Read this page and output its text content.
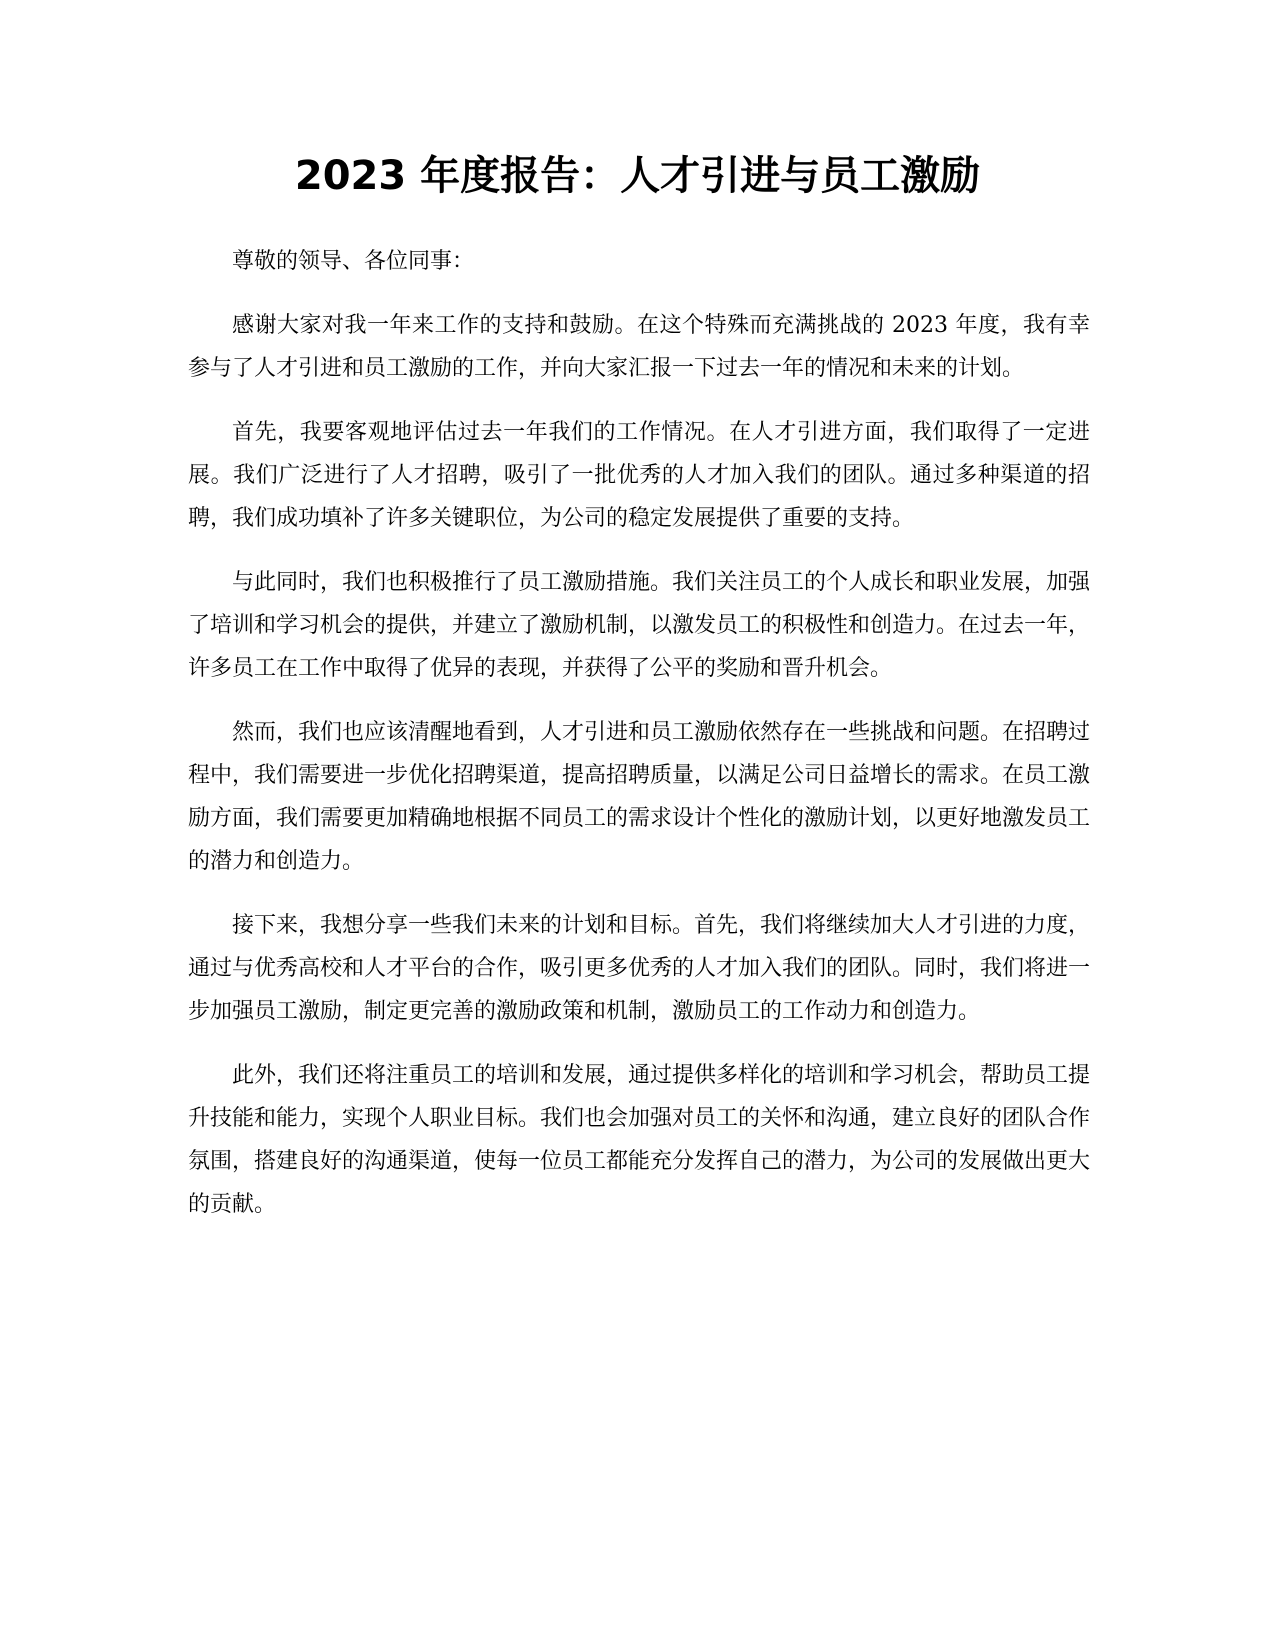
2023 年度报告：人才引进与员工激励

尊敬的领导、各位同事：

感谢大家对我一年来工作的支持和鼓励。在这个特殊而充满挑战的 2023 年度，我有幸参与了人才引进和员工激励的工作，并向大家汇报一下过去一年的情况和未来的计划。

首先，我要客观地评估过去一年我们的工作情况。在人才引进方面，我们取得了一定进展。我们广泛进行了人才招聘，吸引了一批优秀的人才加入我们的团队。通过多种渠道的招聘，我们成功填补了许多关键职位，为公司的稳定发展提供了重要的支持。

与此同时，我们也积极推行了员工激励措施。我们关注员工的个人成长和职业发展，加强了培训和学习机会的提供，并建立了激励机制，以激发员工的积极性和创造力。在过去一年，许多员工在工作中取得了优异的表现，并获得了公平的奖励和晋升机会。

然而，我们也应该清醒地看到，人才引进和员工激励依然存在一些挑战和问题。在招聘过程中，我们需要进一步优化招聘渠道，提高招聘质量，以满足公司日益增长的需求。在员工激励方面，我们需要更加精确地根据不同员工的需求设计个性化的激励计划，以更好地激发员工的潜力和创造力。

接下来，我想分享一些我们未来的计划和目标。首先，我们将继续加大人才引进的力度，通过与优秀高校和人才平台的合作，吸引更多优秀的人才加入我们的团队。同时，我们将进一步加强员工激励，制定更完善的激励政策和机制，激励员工的工作动力和创造力。

此外，我们还将注重员工的培训和发展，通过提供多样化的培训和学习机会，帮助员工提升技能和能力，实现个人职业目标。我们也会加强对员工的关怀和沟通，建立良好的团队合作氛围，搭建良好的沟通渠道，使每一位员工都能充分发挥自己的潜力，为公司的发展做出更大的贡献。
